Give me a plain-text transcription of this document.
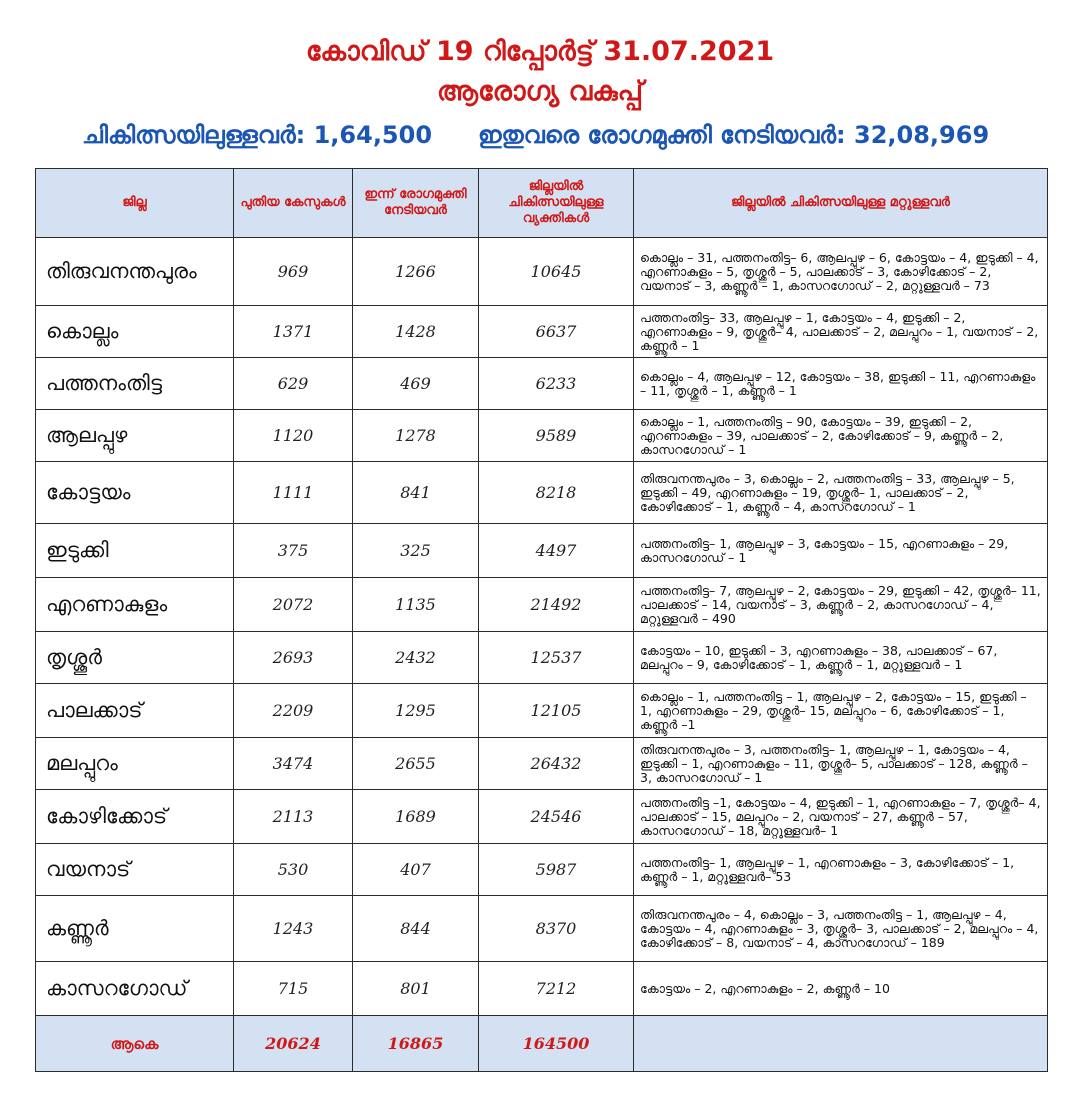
കോവിഡ് 19 റിപ്പോർട്ട് 31.07.2021
ആരോഗ്യ വകുപ്പ്
ചികിത്സയിലുള്ളവർ: 1,64,500 ഇതുവരെ രോഗമുക്തി നേടിയവർ: 32,08,969
ജില്ല	പുതിയ കേസുകൾ	ഇന്ന് രോഗമുക്തി നേടിയവർ	ജില്ലയിൽ ചികിത്സയിലുള്ള വ്യക്തികൾ	ജില്ലയിൽ ചികിത്സയിലുള്ള മറ്റുള്ളവർ
തിരുവനന്തപുരം	969	1266	10645	കൊല്ലം – 31, പത്തനംതിട്ട– 6, ആലപ്പുഴ – 6, കോട്ടയം – 4, ഇടുക്കി – 4, എറണാകുളം – 5, തൃശ്ശൂർ – 5, പാലക്കാട് – 3, കോഴിക്കോട് – 2, വയനാട് – 3, കണ്ണൂർ – 1, കാസറഗോഡ് – 2, മറ്റുള്ളവർ – 73
കൊല്ലം	1371	1428	6637	പത്തനംതിട്ട– 33, ആലപ്പുഴ – 1, കോട്ടയം – 4, ഇടുക്കി – 2, എറണാകുളം – 9, തൃശ്ശൂർ– 4, പാലക്കാട് – 2, മലപ്പുറം – 1, വയനാട് – 2, കണ്ണൂർ – 1
പത്തനംതിട്ട	629	469	6233	കൊല്ലം – 4, ആലപ്പുഴ – 12, കോട്ടയം – 38, ഇടുക്കി – 11, എറണാകുളം – 11, തൃശ്ശൂർ – 1, കണ്ണൂർ – 1
ആലപ്പുഴ	1120	1278	9589	കൊല്ലം – 1, പത്തനംതിട്ട – 90, കോട്ടയം – 39, ഇടുക്കി – 2, എറണാകുളം – 39, പാലക്കാട് – 2, കോഴിക്കോട് – 9, കണ്ണൂർ – 2, കാസറഗോഡ് – 1
കോട്ടയം	1111	841	8218	തിരുവനന്തപുരം – 3, കൊല്ലം – 2, പത്തനംതിട്ട – 33, ആലപ്പുഴ – 5, ഇടുക്കി – 49, എറണാകുളം – 19, തൃശ്ശൂർ– 1, പാലക്കാട് – 2, കോഴിക്കോട് – 1, കണ്ണൂർ – 4, കാസറഗോഡ് – 1
ഇടുക്കി	375	325	4497	പത്തനംതിട്ട– 1, ആലപ്പുഴ – 3, കോട്ടയം – 15, എറണാകുളം – 29, കാസറഗോഡ് – 1
എറണാകുളം	2072	1135	21492	പത്തനംതിട്ട– 7, ആലപ്പുഴ – 2, കോട്ടയം – 29, ഇടുക്കി – 42, തൃശ്ശൂർ– 11, പാലക്കാട് – 14, വയനാട് – 3, കണ്ണൂർ – 2, കാസറഗോഡ് – 4, മറ്റുള്ളവർ – 490
തൃശ്ശൂർ	2693	2432	12537	കോട്ടയം – 10, ഇടുക്കി – 3, എറണാകുളം – 38, പാലക്കാട് – 67, മലപ്പുറം – 9, കോഴിക്കോട് – 1, കണ്ണൂർ – 1, മറ്റുള്ളവർ – 1
പാലക്കാട്	2209	1295	12105	കൊല്ലം – 1, പത്തനംതിട്ട – 1, ആലപ്പുഴ – 2, കോട്ടയം – 15, ഇടുക്കി – 1, എറണാകുളം – 29, തൃശ്ശൂർ– 15, മലപ്പുറം – 6, കോഴിക്കോട് – 1, കണ്ണൂർ –1
മലപ്പുറം	3474	2655	26432	തിരുവനന്തപുരം – 3, പത്തനംതിട്ട– 1, ആലപ്പുഴ – 1, കോട്ടയം – 4, ഇടുക്കി – 1, എറണാകുളം – 11, തൃശ്ശൂർ– 5, പാലക്കാട് – 128, കണ്ണൂർ – 3, കാസറഗോഡ് – 1
കോഴിക്കോട്	2113	1689	24546	പത്തനംതിട്ട –1, കോട്ടയം – 4, ഇടുക്കി – 1, എറണാകുളം – 7, തൃശ്ശൂർ– 4, പാലക്കാട് – 15, മലപ്പുറം – 2, വയനാട് – 27, കണ്ണൂർ – 57, കാസറഗോഡ് – 18, മറ്റുള്ളവർ– 1
വയനാട്	530	407	5987	പത്തനംതിട്ട– 1, ആലപ്പുഴ – 1, എറണാകുളം – 3, കോഴിക്കോട് – 1, കണ്ണൂർ – 1, മറ്റുള്ളവർ– 53
കണ്ണൂർ	1243	844	8370	തിരുവനന്തപുരം – 4, കൊല്ലം – 3, പത്തനംതിട്ട – 1, ആലപ്പുഴ – 4, കോട്ടയം – 4, എറണാകുളം – 3, തൃശ്ശൂർ– 3, പാലക്കാട് – 2, മലപ്പുറം – 4, കോഴിക്കോട് – 8, വയനാട് – 4, കാസറഗോഡ് – 189
കാസറഗോഡ്	715	801	7212	കോട്ടയം – 2, എറണാകുളം – 2, കണ്ണൂർ – 10
ആകെ	20624	16865	164500	
